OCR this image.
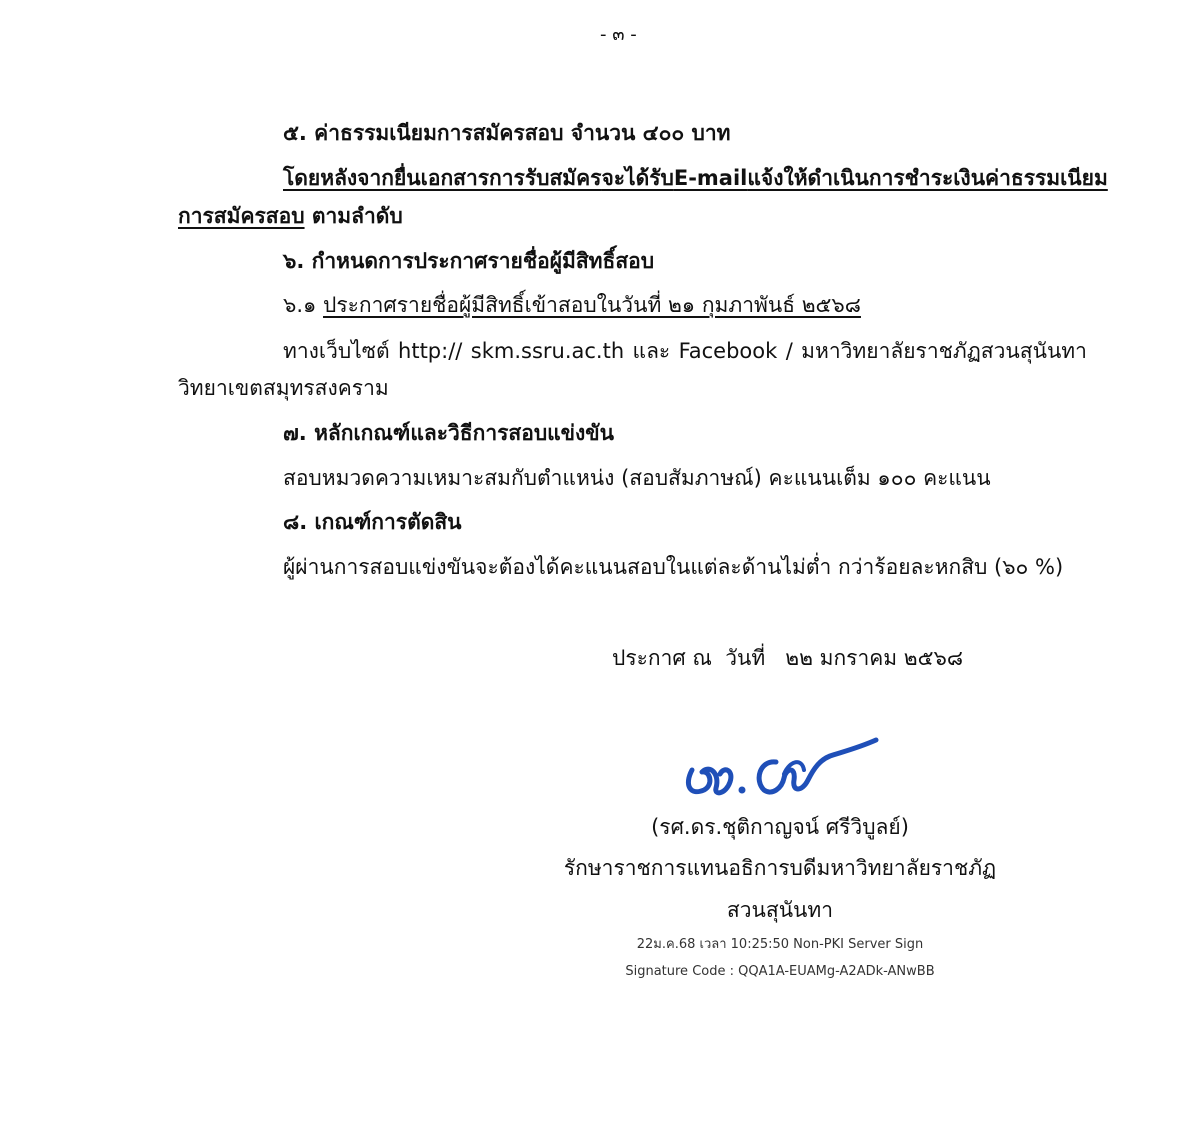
- ๓ -
๕. ค่าธรรมเนียมการสมัครสอบ จำนวน ๔๐๐ บาท
โดยหลังจากยื่นเอกสารการรับสมัคร จะได้รับ E-mail แจ้งให้ดำเนินการชำระเงินค่าธรรมเนียม
การสมัครสอบ ตามลำดับ
๖. กำหนดการประกาศรายชื่อผู้มีสิทธิ์สอบ
๖.๑ ประกาศรายชื่อผู้มีสิทธิ์เข้าสอบในวันที่ ๒๑ กุมภาพันธ์ ๒๕๖๘
ทางเว็บไซต์ http:// skm.ssru.ac.th และ Facebook / มหาวิทยาลัยราชภัฏสวนสุนันทา
วิทยาเขตสมุทรสงคราม
๗. หลักเกณฑ์และวิธีการสอบแข่งขัน
สอบหมวดความเหมาะสมกับตำแหน่ง (สอบสัมภาษณ์) คะแนนเต็ม ๑๐๐ คะแนน
๘. เกณฑ์การตัดสิน
ผู้ผ่านการสอบแข่งขันจะต้องได้คะแนนสอบในแต่ละด้านไม่ต่ำ กว่าร้อยละหกสิบ (๖๐ %)
ประกาศ ณ  วันที่   ๒๒ มกราคม ๒๕๖๘
(รศ.ดร.ชุติกาญจน์ ศรีวิบูลย์)
รักษาราชการแทนอธิการบดีมหาวิทยาลัยราชภัฏ
สวนสุนันทา
22ม.ค.68 เวลา 10:25:50 Non-PKI Server Sign
Signature Code : QQA1A-EUAMg-A2ADk-ANwBB
